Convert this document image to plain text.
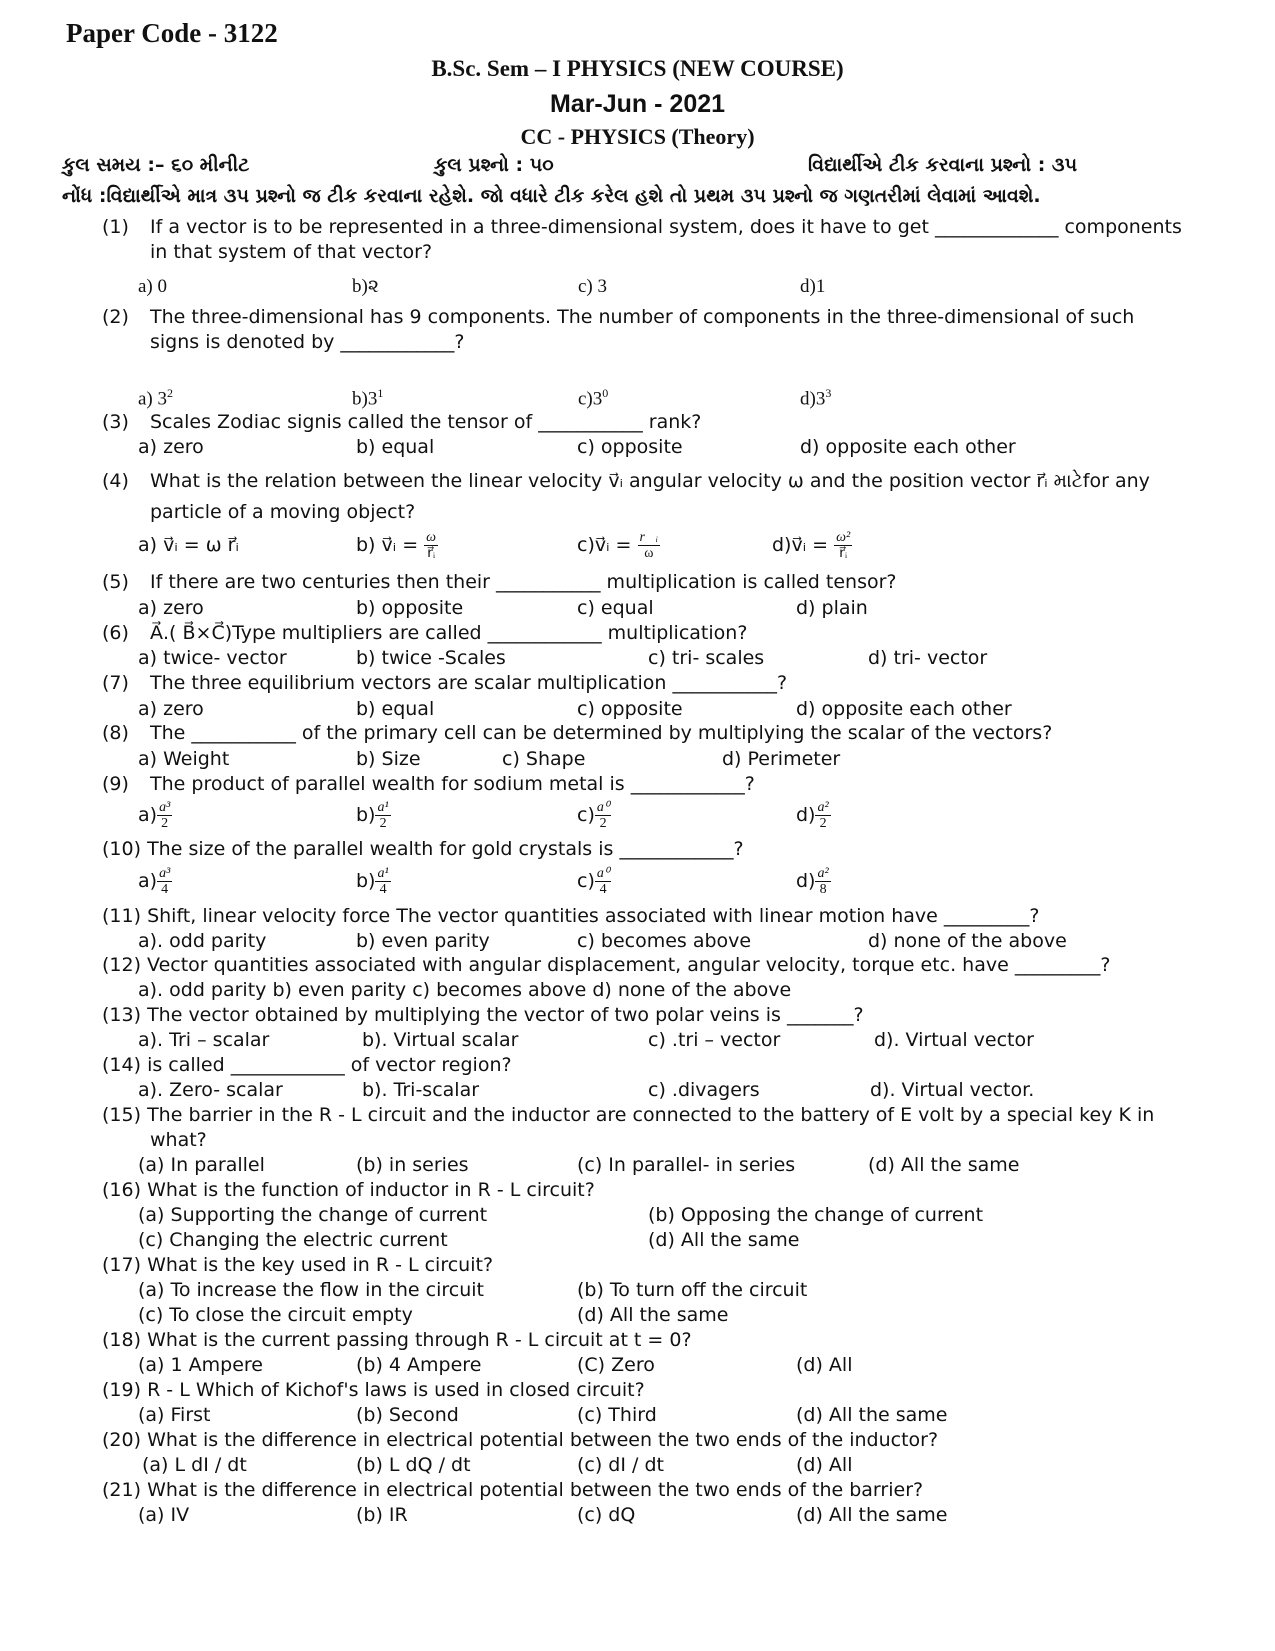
Paper Code - 3122
B.Sc. Sem – I PHYSICS (NEW COURSE)
Mar-Jun - 2021
CC - PHYSICS (Theory)
કુલ સમય :– ૬૦ મીનીટ	કુલ પ્રશ્નો : ૫૦	વિદ્યાર્થીએ ટીક કરવાના પ્રશ્નો : ૩૫
નોંધ :વિદ્યાર્થીએ માત્ર ૩૫ પ્રશ્નો જ ટીક કરવાના રહેશે. જો વધારે ટીક કરેલ હશે તો પ્રથમ ૩૫ પ્રશ્નો જ ગણતરીમાં લેવામાં આવશે.
(1) If a vector is to be represented in a three-dimensional system, does it have to get _____________ components
in that system of that vector?
a) 0	b)૨	c) 3	d)1
(2) The three-dimensional has 9 components. The number of components in the three-dimensional of such
signs is denoted by ____________?
a) $3^2$	$b)3^1$	$c)3^0$	$d)3^3$
(3) Scales Zodiac signis called the tensor of ___________ rank?
a) zero	b) equal	c) opposite	d) opposite each other
(4) What is the relation between the linear velocity v⃗ᵢ angular velocity ω and the position vector r⃗ᵢ માટેfor any
particle of a moving object?
a) v⃗ᵢ = ω r⃗ᵢ	b) v⃗ᵢ = $\frac{\omega}{\text{r⃗ᵢ}}$	c)v⃗ᵢ = $\frac{\text{r⃗ᵢ}}{\omega}$	d)v⃗ᵢ = $\frac{\text{ω²}}{\text{r⃗ᵢ}}$
(5) If there are two centuries then their ___________ multiplication is called tensor?
a) zero	b) opposite	c) equal	d) plain
(6) A⃗.( B⃗×C⃗)Type multipliers are called ____________ multiplication?
a) twice- vector	b) twice -Scales	c) tri- scales	d) tri- vector
(7) The three equilibrium vectors are scalar multiplication ___________?
a) zero	b) equal	c) opposite	d) opposite each other
(8) The ___________ of the primary cell can be determined by multiplying the scalar of the vectors?
a) Weight	b) Size	c) Shape	d) Perimeter
(9) The product of parallel wealth for sodium metal is ____________?
$a) \frac{\text{a³}}{2}$	$b) \frac{\text{a¹}}{2}$	$c) \frac{\text{a⁰}}{2}$	$d) \frac{\text{a²}}{2}$
(10) The size of the parallel wealth for gold crystals is ____________?
$a) \frac{\text{a³}}{4}$	$b) \frac{\text{a¹}}{4}$	$c) \frac{\text{a⁰}}{4}$	$d) \frac{\text{a²}}{8}$
(11) Shift, linear velocity force The vector quantities associated with linear motion have _________?
a). odd parity	b) even parity	c) becomes above	d) none of the above
(12) Vector quantities associated with angular displacement, angular velocity, torque etc. have _________?
a). odd parity b) even parity c) becomes above d) none of the above
(13) The vector obtained by multiplying the vector of two polar veins is _______?
a). Tri – scalar	b). Virtual scalar	c) .tri – vector	d). Virtual vector
(14) is called ____________ of vector region?
a). Zero- scalar	b). Tri-scalar	c) .divagers	d). Virtual vector.
(15) The barrier in the R - L circuit and the inductor are connected to the battery of E volt by a special key K in
what?
(a) In parallel	(b) in series	(c) In parallel- in series	(d) All the same
(16) What is the function of inductor in R - L circuit?
(a) Supporting the change of current	(b) Opposing the change of current
(c) Changing the electric current	(d) All the same
(17) What is the key used in R - L circuit?
(a) To increase the flow in the circuit	(b) To turn off the circuit
(c) To close the circuit empty	(d) All the same
(18) What is the current passing through R - L circuit at t = 0?
(a) 1 Ampere	(b) 4 Ampere	(C) Zero	(d) All
(19) R - L Which of Kichof's laws is used in closed circuit?
(a) First	(b) Second	(c) Third	(d) All the same
(20) What is the difference in electrical potential between the two ends of the inductor?
(a) L dI / dt	(b) L dQ / dt	(c) dI / dt	(d) All
(21) What is the difference in electrical potential between the two ends of the barrier?
(a) IV	(b) IR	(c) dQ	(d) All the same
